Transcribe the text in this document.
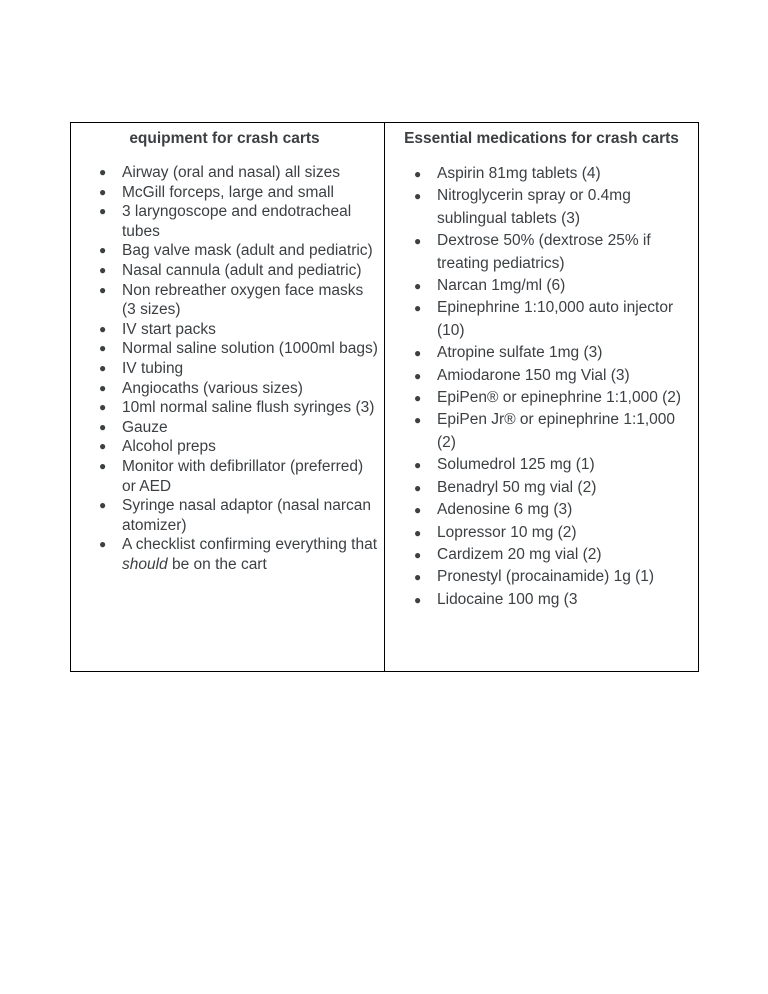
equipment for crash carts
● Airway (oral and nasal) all sizes
● McGill forceps, large and small
● 3 laryngoscope and endotracheal tubes
● Bag valve mask (adult and pediatric)
● Nasal cannula (adult and pediatric)
● Non rebreather oxygen face masks (3 sizes)
● IV start packs
● Normal saline solution (1000ml bags)
● IV tubing
● Angiocaths (various sizes)
● 10ml normal saline flush syringes (3)
● Gauze
● Alcohol preps
● Monitor with defibrillator (preferred) or AED
● Syringe nasal adaptor (nasal narcan atomizer)
● A checklist confirming everything that should be on the cart
Essential medications for crash carts
● Aspirin 81mg tablets (4)
● Nitroglycerin spray or 0.4mg sublingual tablets (3)
● Dextrose 50% (dextrose 25% if treating pediatrics)
● Narcan 1mg/ml (6)
● Epinephrine 1:10,000 auto injector (10)
● Atropine sulfate 1mg (3)
● Amiodarone 150 mg Vial (3)
● EpiPen® or epinephrine 1:1,000 (2)
● EpiPen Jr® or epinephrine 1:1,000 (2)
● Solumedrol 125 mg (1)
● Benadryl 50 mg vial (2)
● Adenosine 6 mg (3)
● Lopressor 10 mg (2)
● Cardizem 20 mg vial (2)
● Pronestyl (procainamide) 1g (1)
● Lidocaine 100 mg (3
